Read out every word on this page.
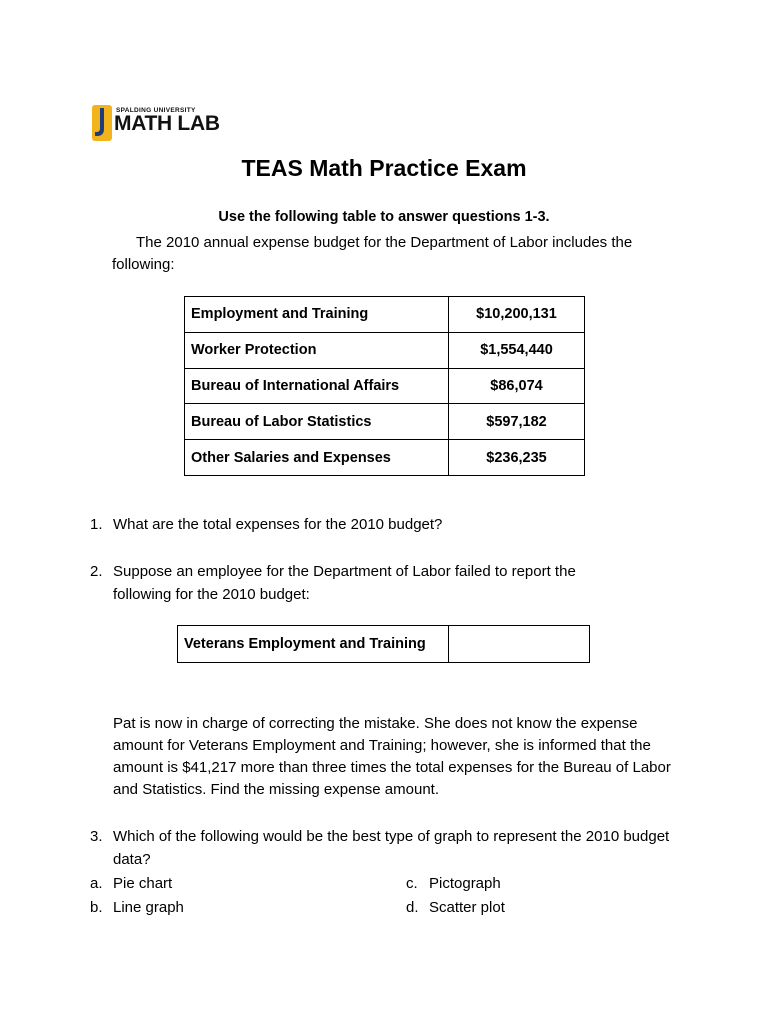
SPALDING UNIVERSITY
MATH LAB
TEAS Math Practice Exam
Use the following table to answer questions 1-3.
The 2010 annual expense budget for the Department of Labor includes the following:
Employment and Training	$10,200,131
Worker Protection	$1,554,440
Bureau of International Affairs	$86,074
Bureau of Labor Statistics	$597,182
Other Salaries and Expenses	$236,235
1. What are the total expenses for the 2010 budget?
2. Suppose an employee for the Department of Labor failed to report the following for the 2010 budget:
Veterans Employment and Training	
Pat is now in charge of correcting the mistake. She does not know the expense amount for Veterans Employment and Training; however, she is informed that the amount is $41,217 more than three times the total expenses for the Bureau of Labor and Statistics. Find the missing expense amount.
3. Which of the following would be the best type of graph to represent the 2010 budget data?
a. Pie chart
b. Line graph
c. Pictograph
d. Scatter plot
